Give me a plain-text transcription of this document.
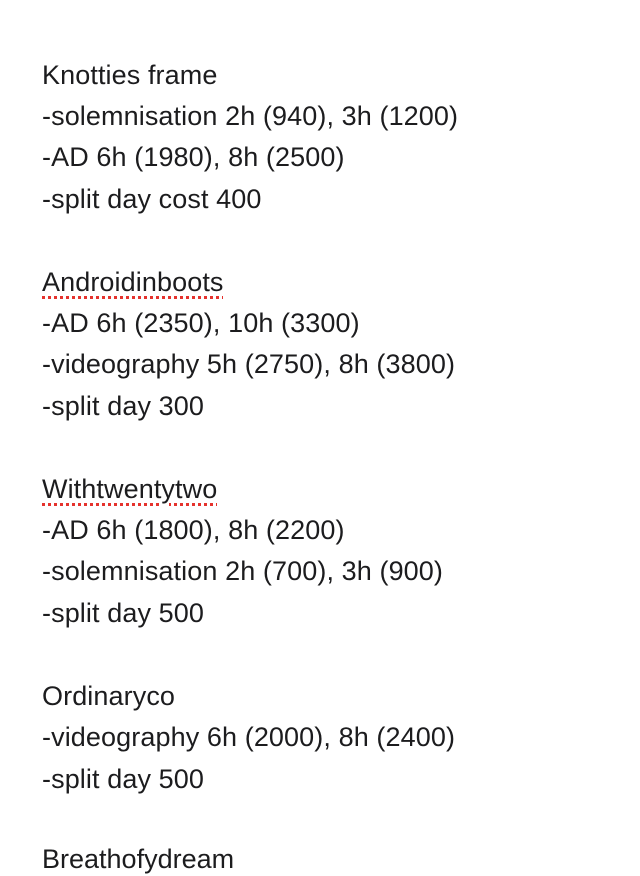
Knotties frame
-solemnisation 2h (940), 3h (1200)
-AD 6h (1980), 8h (2500)
-split day cost 400
Androidinboots
-AD 6h (2350), 10h (3300)
-videography 5h (2750), 8h (3800)
-split day 300
Withtwentytwo
-AD 6h (1800), 8h (2200)
-solemnisation 2h (700), 3h (900)
-split day 500
Ordinaryco
-videography 6h (2000), 8h (2400)
-split day 500
Breathofydream
